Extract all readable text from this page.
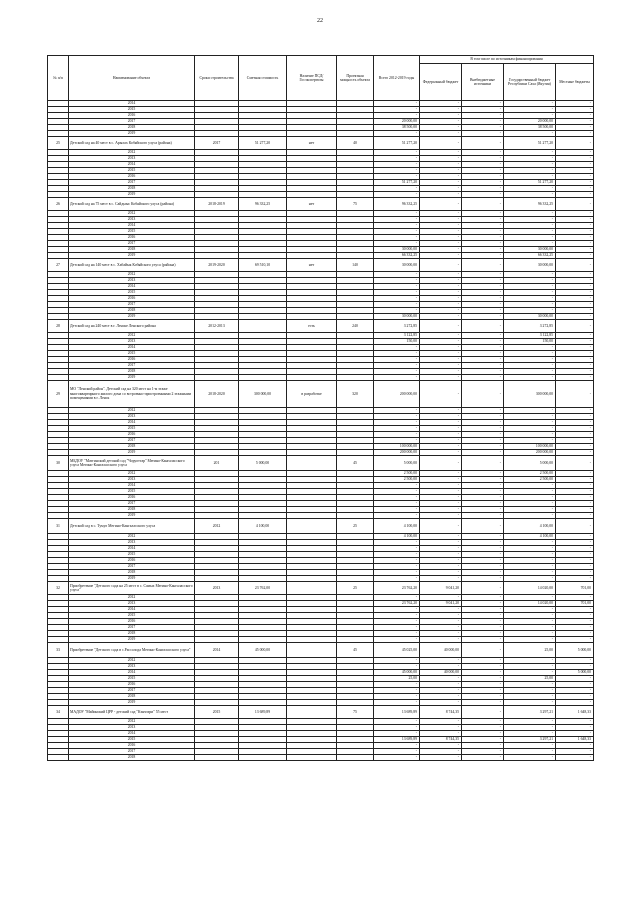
22
№ п/п	Наименование объекта	Сроки строительства	Сметная стоимость	Наличие ПСД/ Госэкспертизы	Проектная мощность объекта	Всего 2012-2019 годы	В том числе по источникам финансирования			
							Федеральный бюджет	Внебюджетные источники	Государственный бюджет Республики Саха (Якутия)	Местные бюджеты
	2014					-	-	-	-	-
	2015					-	-	-	-	-
	2016					-	-	-	-	-
	2017					20 000,00	-	-	20 000,00	-
	2018					38 500,00	-	-	38 500,00	-
	2019					-	-	-	-	-
25	Детский сад на 40 мест в с. Арылах Кобяйского улуса (района)	2017	51 277,20	нет	40	51 277,20	-	-	51 277,20	-
	2012					-	-	-	-	-
	2013					-	-	-	-	-
	2014					-	-	-	-	-
	2015					-	-	-	-	-
	2016					-	-	-	-	-
	2017					51 277,20	-	-	51 277,20	-
	2018					-	-	-	-	-
	2019					-	-	-	-	-
26	Детский сад на 75 мест в с. Сайдыыс Кобяйского улуса (района)	2018-2019	96 332,25	нет	75	96 332,25	-	-	96 332,25	-
	2012					-	-	-	-	-
	2013					-	-	-	-	-
	2014					-	-	-	-	-
	2015					-	-	-	-	-
	2016					-	-	-	-	-
	2017					-	-	-	-	-
	2018					30 000,00	-	-	30 000,00	-
	2019					66 332,25	-	-	66 332,25	-
27	Детский сад на 140 мест в с. Хабайык Кобяйского улуса (района)	2019-2020	69 510,10	нет	140	30 000,00	-	-	30 000,00	-
	2012					-	-	-	-	-
	2013					-	-	-	-	-
	2014					-	-	-	-	-
	2015					-	-	-	-	-
	2016					-	-	-	-	-
	2017					-	-	-	-	-
	2018					-	-	-	-	-
	2019					30 000,00	-	-	30 000,00	-
28	Детский сад на 240 мест в г. Ленске Ленского района	2012-2013		есть	240	3 272,85	-	-	3 272,85	-
	2012					3 122,85	-	-	3 122,85	-
	2013					150,00	-	-	150,00	-
	2014					-	-	-	-	-
	2015					-	-	-	-	-
	2016					-	-	-	-	-
	2017					-	-	-	-	-
	2018					-	-	-	-	-
	2019					-	-	-	-	-
29	МО "Ленский район". Детский сад на 320 мест на 1-м этаже многоквартирного жилого дома со встроенно-пристроенными 2 этажными помещениями в г. Ленск	2018-2020	300 000,00	в разработке	320	200 000,00	-	-	300 000,00	-
	2012					-	-	-	-	-
	2013					-	-	-	-	-
	2014					-	-	-	-	-
	2015					-	-	-	-	-
	2016					-	-	-	-	-
	2017					-	-	-	-	-
	2018					100 000,00	-	-	100 000,00	-
	2019					200 000,00	-	-	200 000,00	-
30	МБДОУ "Матгинский детский сад "Чоруоттар" Мегино-Кангаласского улуса Мегино-Кангаласского улуса	201	5 000,00		45	5 000,00	-	-	5 000,00	-
	2012					2 500,00	-	-	2 500,00	-
	2013					2 500,00	-	-	2 500,00	-
	2014					-	-	-	-	-
	2015					-	-	-	-	-
	2016					-	-	-	-	-
	2017					-	-	-	-	-
	2018					-	-	-	-	-
	2019					-	-	-	-	-
31	Детский сад в с. Тумул Мегино-Кангаласского улуса	2012	4 100,00		25	4 100,00	-	-	4 100,00	-
	2012					4 100,00	-	-	4 100,00	-
	2013					-	-	-	-	-
	2014					-	-	-	-	-
	2015					-	-	-	-	-
	2016					-	-	-	-	-
	2017					-	-	-	-	-
	2018					-	-	-	-	-
	2019					-	-	-	-	-
32	Приобретение "Детского сада на 25 мест в с. Самых Мегино-Кангаласского улуса"	2013	23 762,00		25	23 762,20	9 041,20	-	14 020,00	701,00
	2012					-	-	-	-	-
	2013					23 762,20	9 041,20	-	14 020,00	701,00
	2014					-	-	-	-	-
	2015					-	-	-	-	-
	2016					-	-	-	-	-
	2017					-	-	-	-	-
	2018					-	-	-	-	-
	2019					-	-	-	-	-
33	Приобретение "Детского сада в с.Рассолода Мегино-Кангаласского улуса"	2014	45 000,00		45	45 025,00	40 000,00	-	25,00	5 000,00
	2012					-	-	-	-	-
	2013					-	-	-	-	-
	2014					45 000,00	40 000,00	-	-	5 000,00
	2015					25,00	-	-	25,00	-
	2016					-	-	-	-	-
	2017					-	-	-	-	-
	2018					-	-	-	-	-
	2019					-	-	-	-	-
34	МАДОУ "Майинский ЦРР - детский сад "Кэнчээри" 55 мест	2015	13 689,89		75	13 689,89	8 744,35	-	3 297,21	1 648,33
	2012					-	-	-	-	-
	2013					-	-	-	-	-
	2014					-	-	-	-	-
	2015					13 689,89	8 744,35	-	3 297,21	1 648,33
	2016					-	-	-	-	-
	2017					-	-	-	-	-
	2018					-	-	-	-	-
